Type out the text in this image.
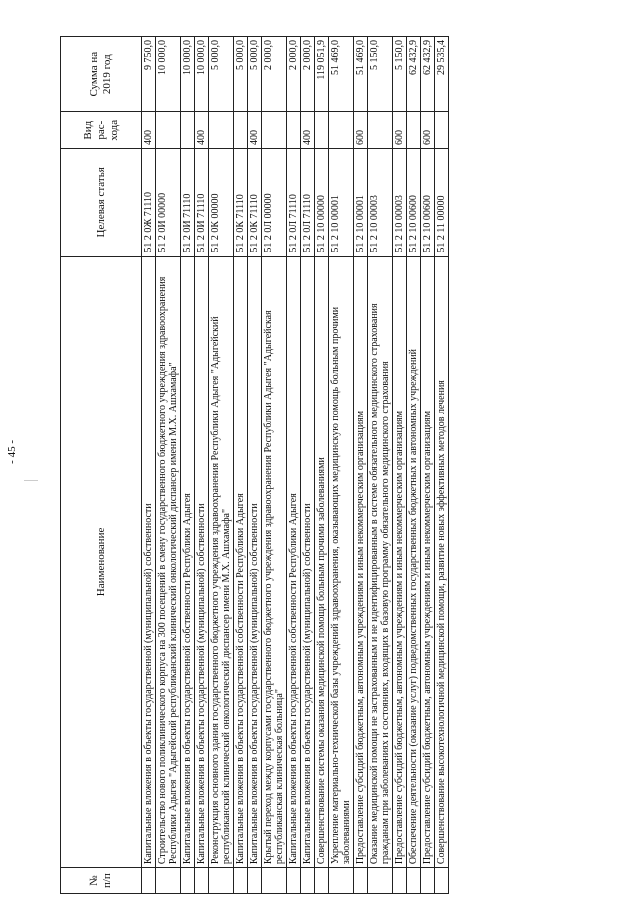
- 45 -
№ п/п	Наименование	Целевая статья	Вид рас-хода	Сумма на 2019 год
	Капитальные вложения в объекты государственной (муниципальной) собственности	51 2 0Ж 71110	400	9 750,0
	Строительство нового поликлинического корпуса на 300 посещений в смену государственного бюджетного учреждения здравоохранения Республики Адыгея "Адыгейский республиканский клинический онкологический диспансер имени М.Х. Ашхамафа"	51 2 0И 00000		10 000,0
	Капитальные вложения в объекты государственной собственности Республики Адыгея	51 2 0И 71110		10 000,0
	Капитальные вложения в объекты государственной (муниципальной) собственности	51 2 0И 71110	400	10 000,0
	Реконструкция основного здания государственного бюджетного учреждения здравоохранения Республики Адыгея "Адыгейский республиканский клинический онкологический диспансер имени М.Х. Ашхамафа"	51 2 0К 00000		5 000,0
	Капитальные вложения в объекты государственной собственности Республики Адыгея	51 2 0К 71110		5 000,0
	Капитальные вложения в объекты государственной (муниципальной) собственности	51 2 0К 71110	400	5 000,0
	Крытый переход между корпусами государственного бюджетного учреждения здравоохранения Республики Адыгея "Адыгейская республиканская клиническая больница"	51 2 0Л 00000		2 000,0
	Капитальные вложения в объекты государственной собственности Республики Адыгея	51 2 0Л 71110		2 000,0
	Капитальные вложения в объекты государственной (муниципальной) собственности	51 2 0Л 71110	400	2 000,0
	Совершенствование системы оказания медицинской помощи больным прочими заболеваниями	51 2 10 00000		119 051,9
	Укрепление материально-технической базы учреждений здравоохранения, оказывающих медицинскую помощь больным прочими заболеваниями	51 2 10 00001		51 469,0
	Предоставление субсидий бюджетным, автономным учреждениям и иным некоммерческим организациям	51 2 10 00001	600	51 469,0
	Оказание медицинской помощи не застрахованным и не идентифицированным в системе обязательного медицинского страхования гражданам при заболеваниях и состояниях, входящих в базовую программу обязательного медицинского страхования	51 2 10 00003		5 150,0
	Предоставление субсидий бюджетным, автономным учреждениям и иным некоммерческим организациям	51 2 10 00003	600	5 150,0
	Обеспечение деятельности (оказание услуг) подведомственных государственных бюджетных и автономных учреждений	51 2 10 00600		62 432,9
	Предоставление субсидий бюджетным, автономным учреждениям и иным некоммерческим организациям	51 2 10 00600	600	62 432,9
	Совершенствование высокотехнологичной медицинской помощи, развитие новых эффективных методов лечения	51 2 11 00000		29 535,4
